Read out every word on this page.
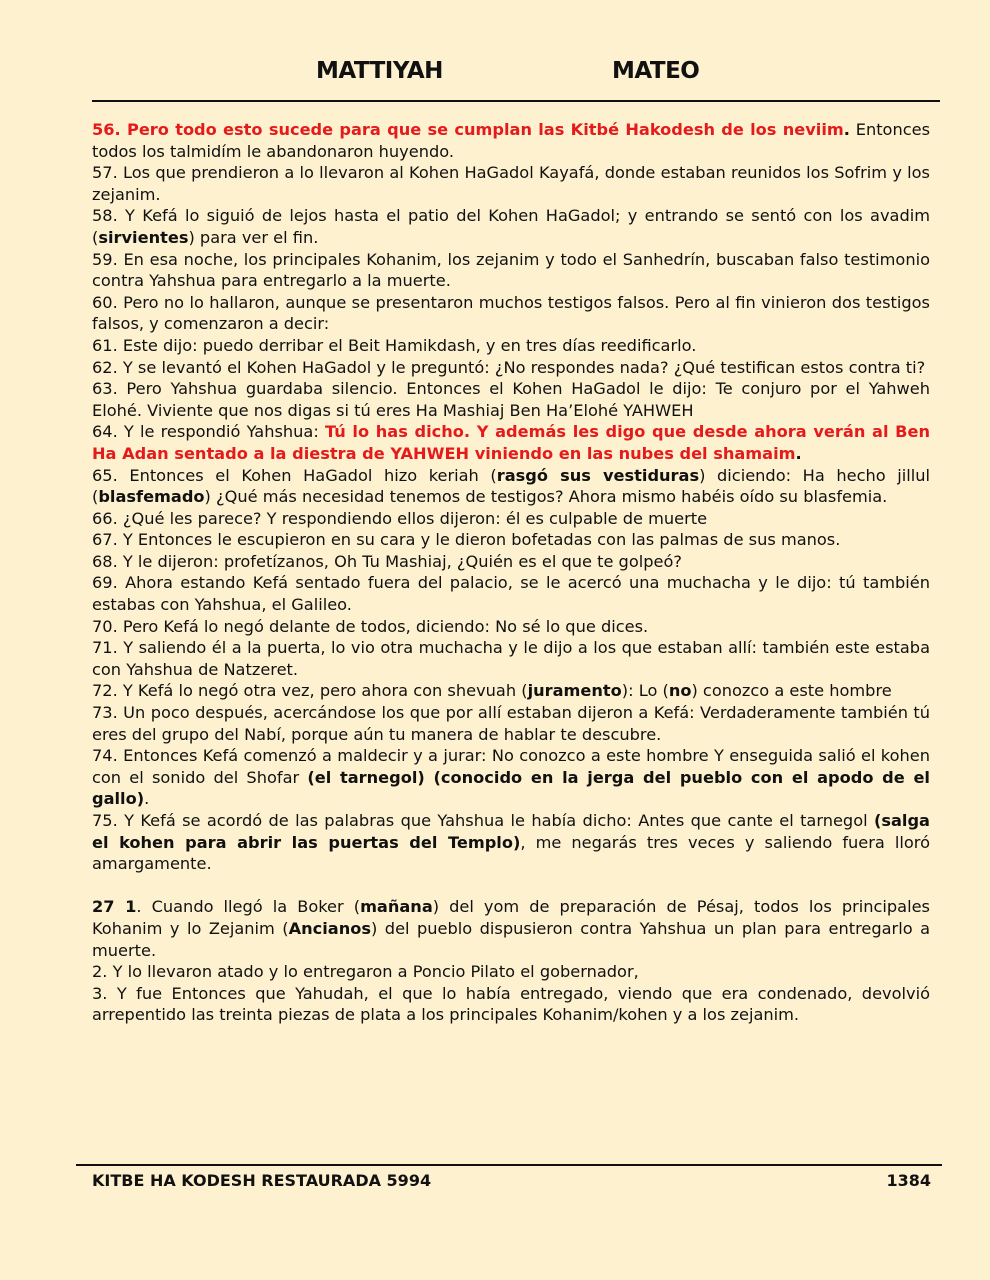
MATTIYAH	MATEO

56. Pero todo esto sucede para que se cumplan las Kitbé Hakodesh de los neviim. Entonces todos los talmidím le abandonaron huyendo.

57. Los que prendieron a lo llevaron al Kohen HaGadol Kayafá, donde estaban reunidos los Sofrim y los zejanim.

58. Y Kefá lo siguió de lejos hasta el patio del Kohen HaGadol; y entrando se sentó con los avadim (sirvientes) para ver el fin.

59. En esa noche, los principales Kohanim, los zejanim y todo el Sanhedrín, buscaban falso testimonio contra Yahshua para entregarlo a la muerte.

60. Pero no lo hallaron, aunque se presentaron muchos testigos falsos. Pero al fin vinieron dos testigos falsos, y comenzaron a decir:

61. Este dijo: puedo derribar el Beit Hamikdash, y en tres días reedificarlo.

62. Y se levantó el Kohen HaGadol y le preguntó: ¿No respondes nada? ¿Qué testifican estos contra ti?

63. Pero Yahshua guardaba silencio. Entonces el Kohen HaGadol le dijo: Te conjuro por el Yahweh Elohé. Viviente que nos digas si tú eres Ha Mashiaj Ben Ha’Elohé YAHWEH

64. Y le respondió Yahshua: Tú lo has dicho. Y además les digo que desde ahora verán al Ben Ha Adan sentado a la diestra de YAHWEH viniendo en las nubes del shamaim.

65. Entonces el Kohen HaGadol hizo keriah (rasgó sus vestiduras) diciendo: Ha hecho jillul (blasfemado) ¿Qué más necesidad tenemos de testigos? Ahora mismo habéis oído su blasfemia.

66. ¿Qué les parece? Y respondiendo ellos dijeron: él es culpable de muerte

67. Y Entonces le escupieron en su cara y le dieron bofetadas con las palmas de sus manos.

68. Y le dijeron: profetízanos, Oh Tu Mashiaj, ¿Quién es el que te golpeó?

69. Ahora estando Kefá sentado fuera del palacio, se le acercó una muchacha y le dijo: tú también estabas con Yahshua, el Galileo.

70. Pero Kefá lo negó delante de todos, diciendo: No sé lo que dices.

71. Y saliendo él a la puerta, lo vio otra muchacha y le dijo a los que estaban allí: también este estaba con Yahshua de Natzeret.

72. Y Kefá lo negó otra vez, pero ahora con shevuah (juramento): Lo (no) conozco a este hombre

73. Un poco después, acercándose los que por allí estaban dijeron a Kefá: Verdaderamente también tú eres del grupo del Nabí, porque aún tu manera de hablar te descubre.

74. Entonces Kefá comenzó a maldecir y a jurar: No conozco a este hombre Y enseguida salió el kohen con el sonido del Shofar (el tarnegol) (conocido en la jerga del pueblo con el apodo de el gallo).

75. Y Kefá se acordó de las palabras que Yahshua le había dicho: Antes que cante el tarnegol (salga el kohen para abrir las puertas del Templo), me negarás tres veces y saliendo fuera lloró amargamente.

27 1. Cuando llegó la Boker (mañana) del yom de preparación de Pésaj, todos los principales Kohanim y lo Zejanim (Ancianos) del pueblo dispusieron contra Yahshua un plan para entregarlo a muerte.

2. Y lo llevaron atado y lo entregaron a Poncio Pilato el gobernador,

3. Y fue Entonces que Yahudah, el que lo había entregado, viendo que era condenado, devolvió arrepentido las treinta piezas de plata a los principales Kohanim/kohen y a los zejanim.

KITBE HA KODESH RESTAURADA 5994	1384
